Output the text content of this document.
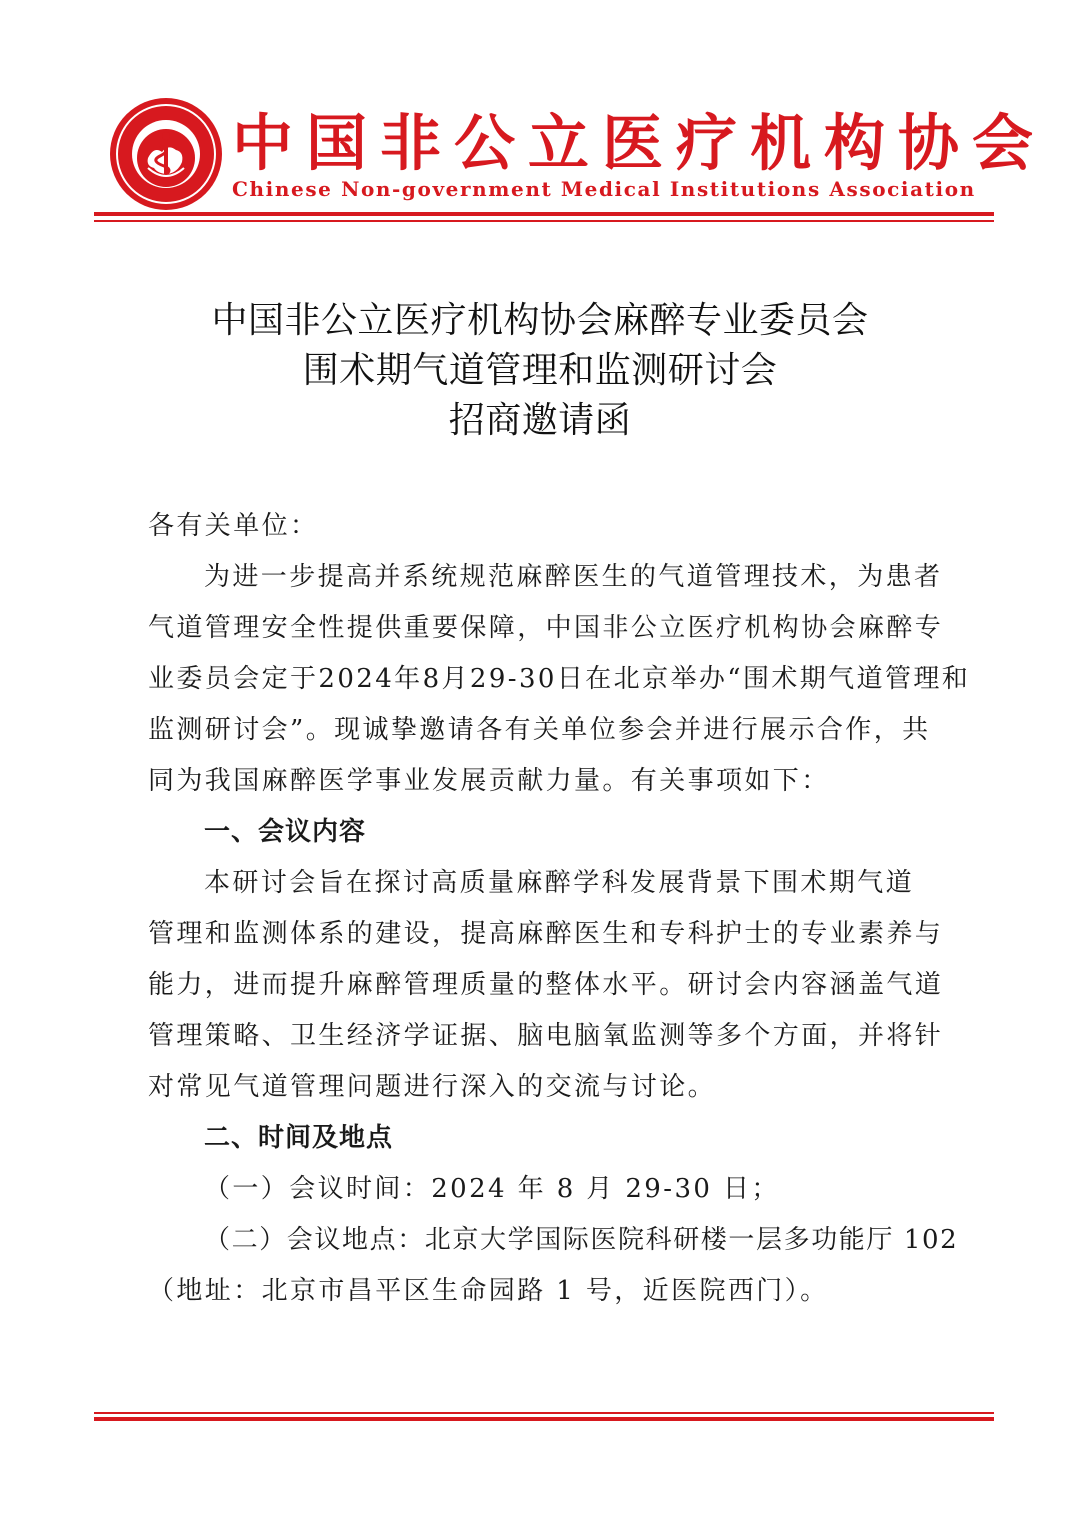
中国非公立医疗机构协会
Chinese Non-government Medical Institutions Association
中国非公立医疗机构协会麻醉专业委员会
围术期气道管理和监测研讨会
招商邀请函
各有关单位：
为进一步提高并系统规范麻醉医生的气道管理技术，为患者
气道管理安全性提供重要保障，中国非公立医疗机构协会麻醉专
业委员会定于2024年8月29-30日在北京举办“围术期气道管理和
监测研讨会”。现诚挚邀请各有关单位参会并进行展示合作，共
同为我国麻醉医学事业发展贡献力量。有关事项如下：
一、会议内容
本研讨会旨在探讨高质量麻醉学科发展背景下围术期气道
管理和监测体系的建设，提高麻醉医生和专科护士的专业素养与
能力，进而提升麻醉管理质量的整体水平。研讨会内容涵盖气道
管理策略、卫生经济学证据、脑电脑氧监测等多个方面，并将针
对常见气道管理问题进行深入的交流与讨论。
二、时间及地点
（一）会议时间：2024 年 8 月 29-30 日；
（二）会议地点：北京大学国际医院科研楼一层多功能厅 102
（地址：北京市昌平区生命园路 1 号，近医院西门）。
